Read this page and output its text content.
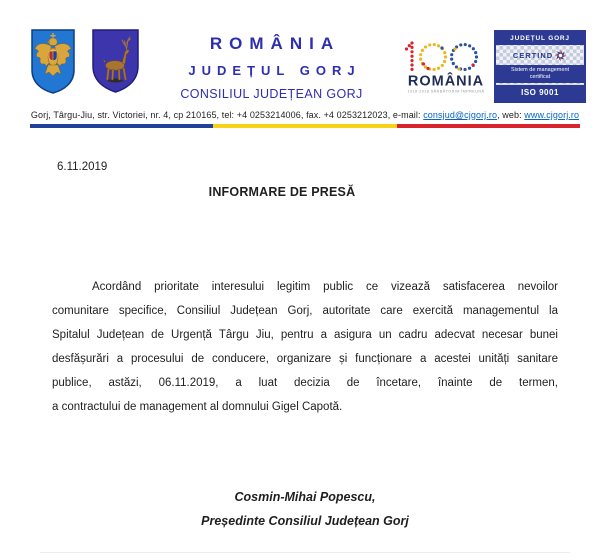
ROMÂNIA
JUDEȚUL GORJ
CONSILIUL JUDEȚEAN GORJ
ROMÂNIA
1918-2018 SĂRBĂTORIM ÎMPREUNĂ
JUDEȚUL GORJ
CERTIND
Sistem de management
certificat
ISO 9001
Gorj, Târgu-Jiu, str. Victoriei, nr. 4, cp 210165, tel: +4 0253214006, fax. +4 0253212023, e-mail: consjud@cjgorj.ro, web: www.cjgorj.ro
6.11.2019
INFORMARE DE PRESĂ
Acordând prioritate interesului legitim public ce vizează satisfacerea nevoilor
comunitare specifice, Consiliul Județean Gorj, autoritate care exercită managementul la
Spitalul Județean de Urgență Târgu Jiu, pentru a asigura un cadru adecvat necesar bunei
desfășurări a procesului de conducere, organizare și funcționare a acestei unități sanitare
publice, astăzi, 06.11.2019, a luat decizia de încetare, înainte de termen,
a contractului de management al domnului Gigel Capotă.
Cosmin-Mihai Popescu,
Președinte Consiliul Județean Gorj
